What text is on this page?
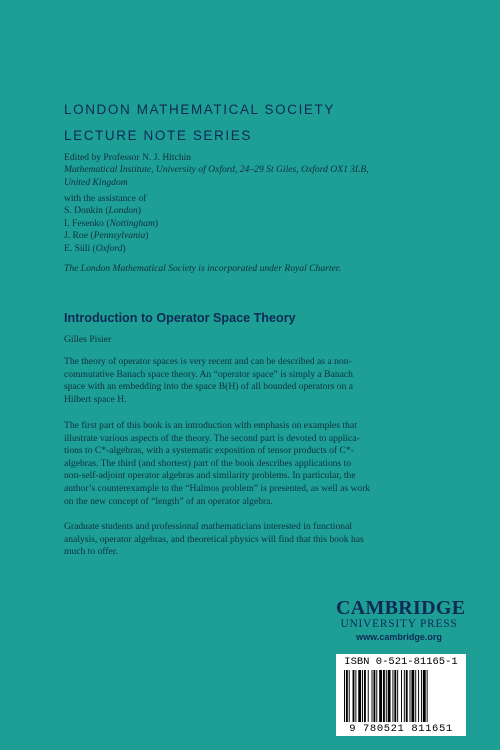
LONDON MATHEMATICAL SOCIETY
LECTURE NOTE SERIES
Edited by Professor N. J. Hitchin
Mathematical Institute, University of Oxford, 24–29 St Giles, Oxford OX1 3LB,
United Kingdom
with the assistance of
S. Donkin (London)
I. Fesenko (Nottingham)
J. Roe (Pennsylvania)
E. Süli (Oxford)
The London Mathematical Society is incorporated under Royal Charter.
Introduction to Operator Space Theory
Gilles Pisier
The theory of operator spaces is very recent and can be described as a non-
commutative Banach space theory. An “operator space” is simply a Banach
space with an embedding into the space B(H) of all bounded operators on a
Hilbert space H.
The first part of this book is an introduction with emphasis on examples that
illustrate various aspects of the theory. The second part is devoted to applica-
tions to C*-algebras, with a systematic exposition of tensor products of C*-
algebras. The third (and shortest) part of the book describes applications to
non-self-adjoint operator algebras and similarity problems. In particular, the
author’s counterexample to the “Halmos problem” is presented, as well as work
on the new concept of “length” of an operator algebra.
Graduate students and professional mathematicians interested in functional
analysis, operator algebras, and theoretical physics will find that this book has
much to offer.
CAMBRIDGE
UNIVERSITY PRESS
www.cambridge.org
ISBN 0-521-81165-1
9 780521 811651
